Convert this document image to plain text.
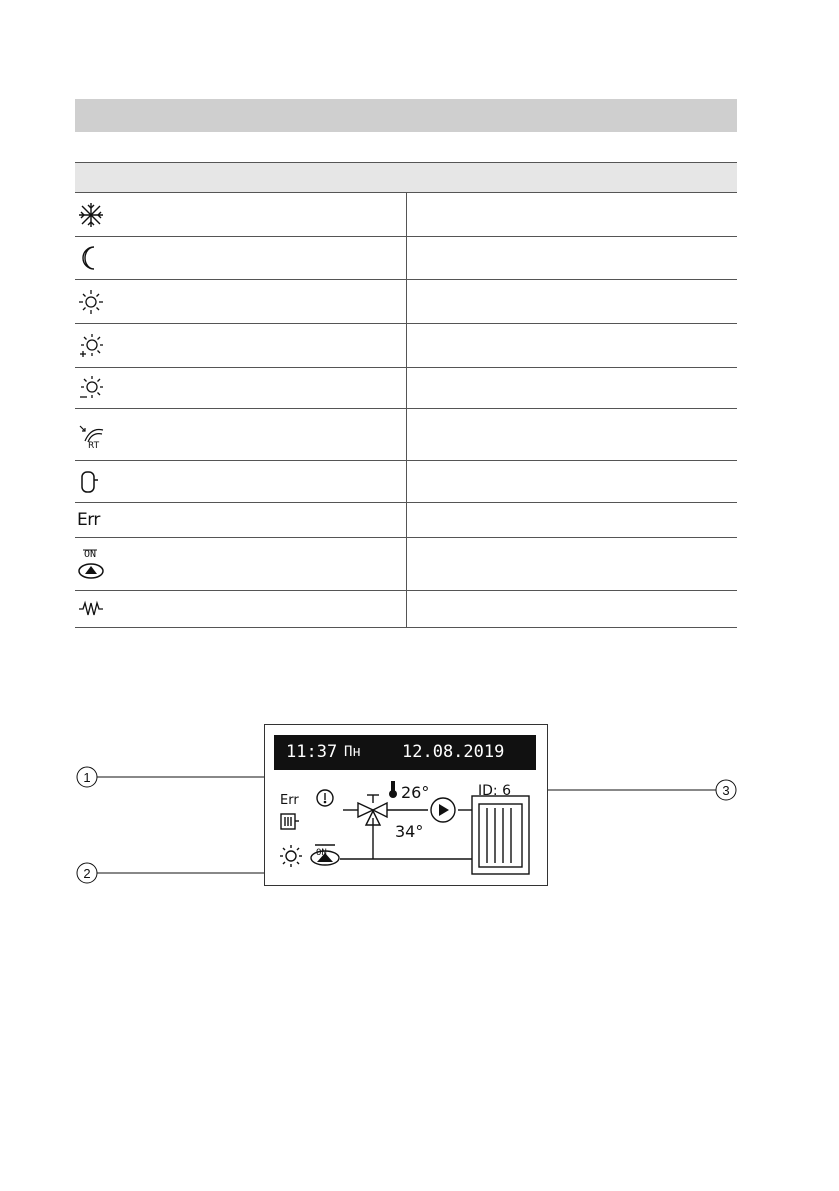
RT	

Err	

ON	

1
2
3

11:37

Пн

12.08.2019

Err	26°
34°
ID: 6
ON
